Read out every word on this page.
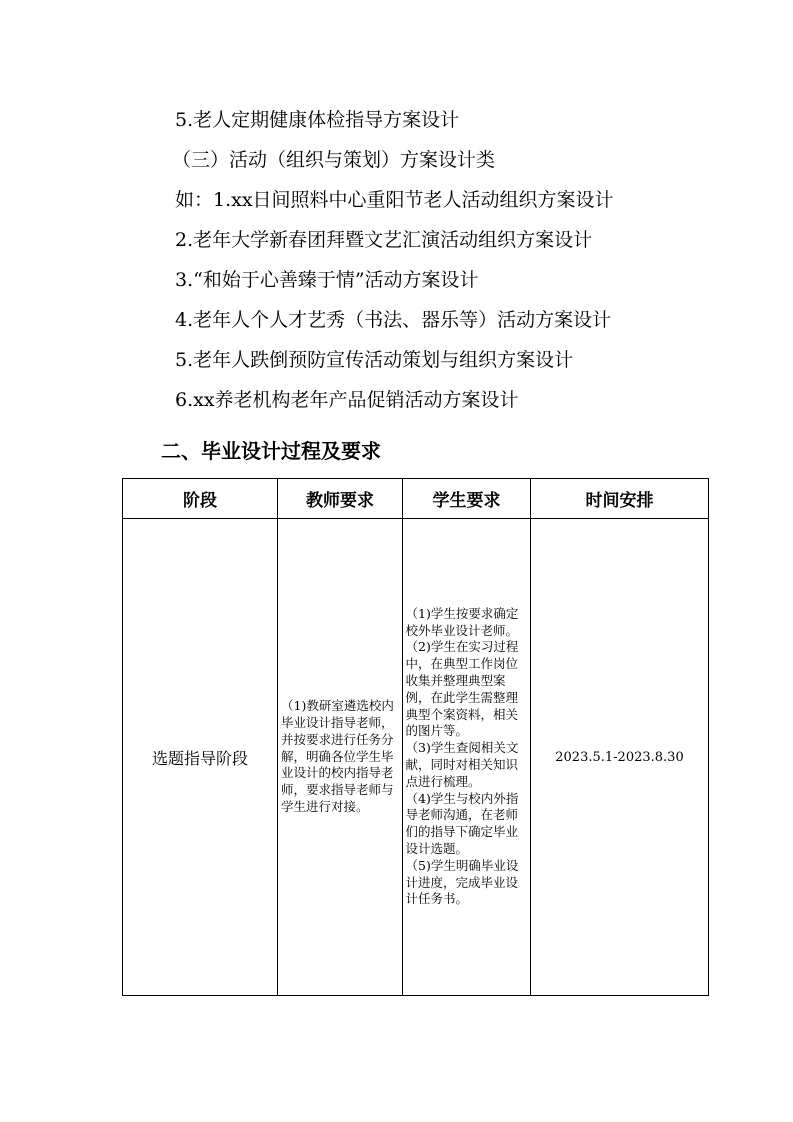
5.老人定期健康体检指导方案设计
（三）活动（组织与策划）方案设计类
如：1.xx日间照料中心重阳节老人活动组织方案设计
2.老年大学新春团拜暨文艺汇演活动组织方案设计
3.“和始于心善臻于情”活动方案设计
4.老年人个人才艺秀（书法、器乐等）活动方案设计
5.老年人跌倒预防宣传活动策划与组织方案设计
6.xx养老机构老年产品促销活动方案设计
二、毕业设计过程及要求
阶段	教师要求	学生要求	时间安排
选题指导阶段	（1)教研室遴选校内毕业设计指导老师，并按要求进行任务分解，明确各位学生毕业设计的校内指导老师，要求指导老师与学生进行对接。	（1)学生按要求确定校外毕业设计老师。

（2)学生在实习过程中，在典型工作岗位收集并整理典型案例，在此学生需整理典型个案资料，相关的图片等。

（3)学生查阅相关文献，同时对相关知识点进行梳理。

（4)学生与校内外指导老师沟通，在老师们的指导下确定毕业设计选题。

（5)学生明确毕业设计进度，完成毕业设计任务书。	2023.5.1-2023.8.30
